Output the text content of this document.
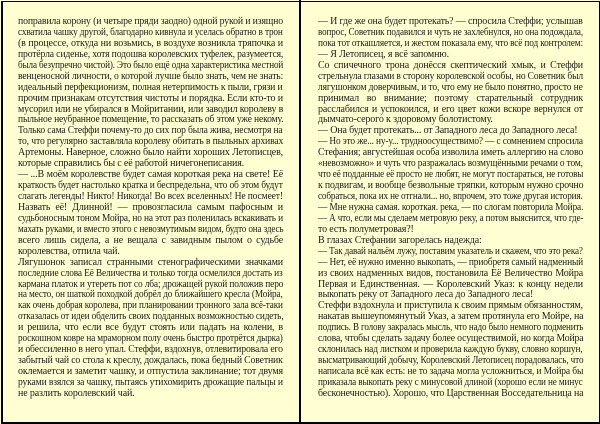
поправила корону (и четыре пряди заодно) одной рукой и изящно
схватила чашку другой, благодарно кивнула и уселась обратно в трон
(в процессе, откуда ни возьмись, в воздухе возникла тряпочка и
протёрла сиденье, хотя подошва королевских туфелек, разумеется,
была безупречно чистой). Это было ещё одна характеристика местной
венценосной личности, о которой лучше было знать, чем не знать:
идеальный перфекционизм, полная нетерпимость к пыли, грязи и
прочим признакам отсутствия чистоты и порядка. Если кто-то и
мусорил или не убирался в Мойритании, или заводил королеву в
пыльное неубранное помещение, то рассказать об этом уже некому.
Только сама Стеффи почему-то до сих пор была жива, несмотря на
то, что регулярно заставляла королеву обитать в пыльных архивах
Артемоны. Наверное, сложно было найти хороших Летописцев,
которые справились бы с её работой ничегонеписания.
— ...В моём королевстве будет самая короткая река на свете! Её
краткость будет настолько кратка и беспредельна, что об этом будут
слагать легенды! Никто! Никогда! Во всех вселенных! Не посмеет!
Назвать её! Длинной! — провозгласила самым пафосным и
судьбоносным тоном Мойра, но на этот раз поленилась вскакивать и
махать руками, и вместо этого с невозмутимым видом, будто она здесь
всего лишь сидела, а не вещала с завидным пылом о судьбе
королевства, отпила чай.
Лягушонок записал странными стенографическими значками
последние слова Её Величества и только тогда осмелился достать из
кармана платок и утереть пот со лба; дрожащей рукой положив перо
на место, он шаткой походкой добрёл до ближайшего кресла (Мойра,
как очень добрая королева, при планировании тронного зала всё-таки
отказалась от идеи обделить своих подданных возможностью сидеть,
и решила, что если все будут стоять или падать на колени, в
роскошном ковре на мраморном полу очень быстро протрётся дырка)
и обессиленно в него упал. Стеффи, вздохнув, отлевитировала его
забытый чай со стола к креслу, дождалась, пока бедный Советник
оклемается и заметит чашку, и отпустила заклинание; тот двумя
руками взялся за чашку, пытаясь утихомирить дрожащие пальцы и
не разлить королевский чай.
— И где же она будет протекать? — спросила Стеффи; услышав
вопрос, Советник подавился и чуть не захлебнулся, но она подождала,
пока тот откашляется, и жестом показала ему, что всё под контролем:
— Я Летописец, я всё запомню.
Со спичечного трона донёсся скептический хмык, и Стеффи
стрельнула глазами в сторону королевской особы, но Советник был
лягушонком доверчивым, и то, что ему не было понятно, просто не
принимал во внимание; поэтому старательный сотрудник
расслабился и успокоился, и его цвет кожи вскоре вернулся от
дымчато-серого к здоровому болотистому.
— Она будет протекать... от Западного леса до Западного леса!
— Но это же... ну-у... трудноосуществимо? — с сомнением спросила
Стефания; августейшая особа изволила иметь аллергию на слово
«невозможно» и чуть что разражалась возмущёнными речами о том,
что её подданные её просто не любят, не могут постараться, не готовы
к подвигам, и вообще безвольные тряпки, которым нужно срочно
собраться, пока их не отгнали... но, впрочем, это тоже другая история.
— Мне нужна самая. короткая. река, — по слогам повторила Мойра.
— А что, если мы сделаем метровую реку, а потом выяснится, что где-
то есть полуметровая?!
В глазах Стефании загорелась надежда:
— Так давай нальём лужу, поставим указатель и скажем, что это река?
— Нет, её нужно именно выкопать, — приобретя самый надменный
из своих надменных видов, постановила Её Величество Мойра
Первая и Единственная. — Королевский Указ: к концу недели
выкопать реку от Западного леса до Западного леса!
Стеффи вздохнула и приступила к своим прямым обязанностям,
накатав вышеупомянутый Указ, а затем протянула его Мойре, на
подпись. В голову закралась мысль, что надо было немного подменить
слова, чтобы сделать задачу более осуществимой, но когда Мойра
склонилась над листком и проверила каждую букву, словно коршун,
высматривающий добычу, Королевский Летописец порадовалась, что
написала всё как есть: не то задача могла усложниться, и Мойра бы
приказала выкопать реку с минусовой длиной (хорошо если не минус
бесконечностью). Хорошо, что Царственная Восседательница на
